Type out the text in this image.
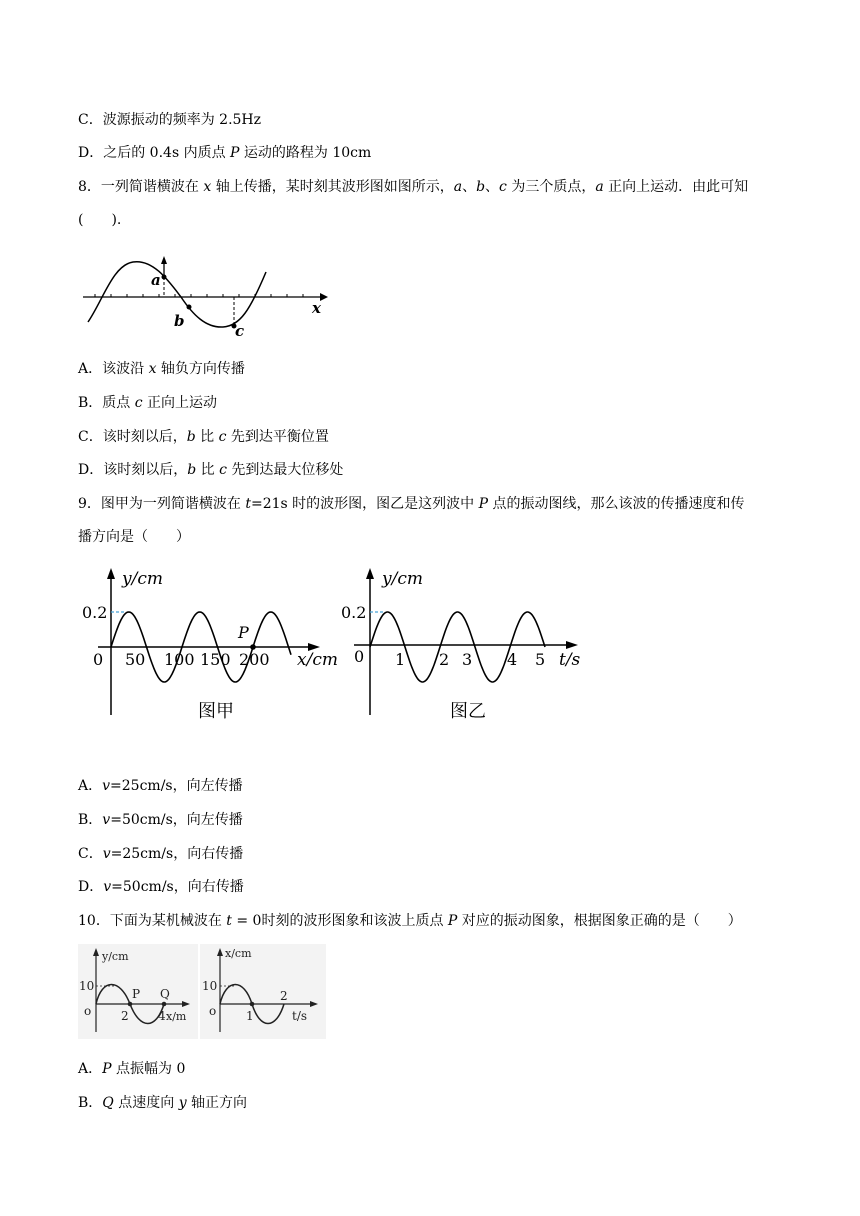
C．波源振动的频率为 2.5Hz
D．之后的 0.4s 内质点 P 运动的路程为 10cm
8．一列简谐横波在 x 轴上传播，某时刻其波形图如图所示，a、b、c 为三个质点，a 正向上运动．由此可知
(　　).
a
b
c
x
A．该波沿 x 轴负方向传播
B．质点 c 正向上运动
C．该时刻以后，b 比 c 先到达平衡位置
D．该时刻以后，b 比 c 先到达最大位移处
9．图甲为一列简谐横波在 t=21s 时的波形图，图乙是这列波中 P 点的振动图线，那么该波的传播速度和传
播方向是（　　）
y/cm
0.2
0 50 100 150 200 x/cm
P
图甲
y/cm
0.2
0 1 2 3 4 5 t/s
图乙
A．v=25cm/s，向左传播
B．v=50cm/s，向左传播
C．v=25cm/s，向右传播
D．v=50cm/s，向右传播
10．下面为某机械波在 t = 0时刻的波形图象和该波上质点 P 对应的振动图象，根据图象正确的是（　　）
y/cm
10
o
P Q
2 4 x/m
x/cm
10
o 1
2
t/s
A．P 点振幅为 0
B．Q 点速度向 y 轴正方向
